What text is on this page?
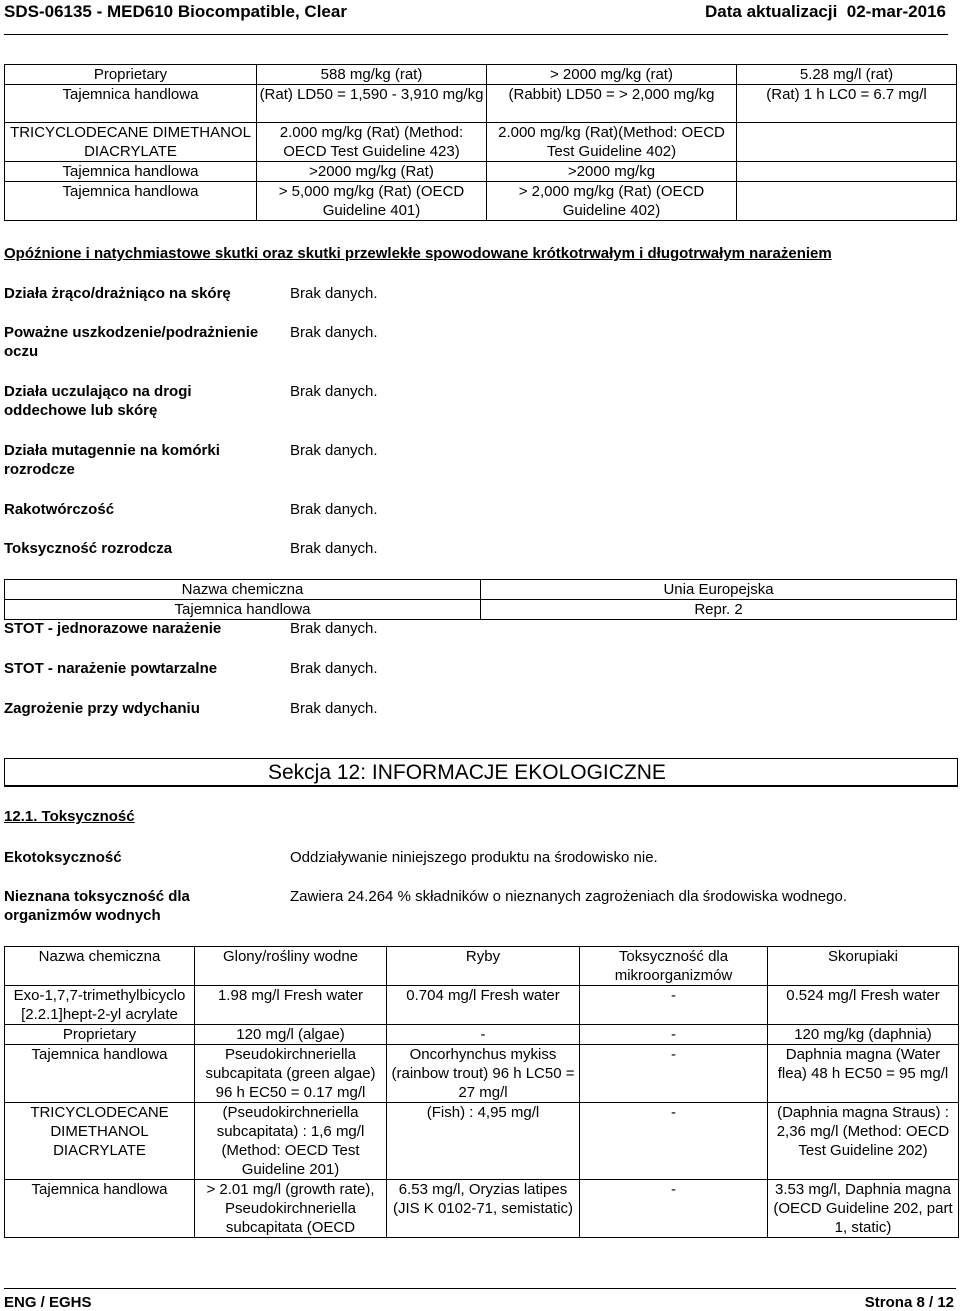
SDS-06135 - MED610 Biocompatible, Clear	Data aktualizacji 02-mar-2016
Proprietary	588 mg/kg (rat)	> 2000 mg/kg (rat)	5.28 mg/l (rat)
Tajemnica handlowa	(Rat) LD50 = 1,590 - 3,910 mg/kg	(Rabbit) LD50 = > 2,000 mg/kg	(Rat) 1 h LC0 = 6.7 mg/l
TRICYCLODECANE DIMETHANOL DIACRYLATE	2.000 mg/kg (Rat) (Method: OECD Test Guideline 423)	2.000 mg/kg (Rat)(Method: OECD Test Guideline 402)	
Tajemnica handlowa	>2000 mg/kg (Rat)	>2000 mg/kg	
Tajemnica handlowa	> 5,000 mg/kg (Rat) (OECD Guideline 401)	> 2,000 mg/kg (Rat) (OECD Guideline 402)	
Opóźnione i natychmiastowe skutki oraz skutki przewlekłe spowodowane krótkotrwałym i długotrwałym narażeniem
Działa żrąco/drażniąco na skórę	Brak danych.
Poważne uszkodzenie/podrażnienie oczu
Brak danych.
Działa uczulająco na drogi oddechowe lub skórę
Brak danych.
Działa mutagennie na komórki rozrodcze
Brak danych.
Rakotwórczość	Brak danych.
Toksyczność rozrodcza	Brak danych.
Nazwa chemiczna	Unia Europejska
Tajemnica handlowa	Repr. 2
STOT - jednorazowe narażenie	Brak danych.
STOT - narażenie powtarzalne	Brak danych.
Zagrożenie przy wdychaniu	Brak danych.
Sekcja 12: INFORMACJE EKOLOGICZNE
12.1. Toksyczność
Ekotoksyczność	Oddziaływanie niniejszego produktu na środowisko nie.
Nieznana toksyczność dla organizmów wodnych
Zawiera 24.264 % składników o nieznanych zagrożeniach dla środowiska wodnego.
Nazwa chemiczna	Glony/rośliny wodne	Ryby	Toksyczność dla mikroorganizmów	Skorupiaki
Exo-1,7,7-trimethylbicyclo[2.2.1]hept-2-yl acrylate	1.98 mg/l Fresh water	0.704 mg/l Fresh water	-	0.524 mg/l Fresh water
Proprietary	120 mg/l (algae)	-	-	120 mg/kg (daphnia)
Tajemnica handlowa	Pseudokirchneriella subcapitata (green algae) 96 h EC50 = 0.17 mg/l	Oncorhynchus mykiss (rainbow trout) 96 h LC50 = 27 mg/l	-	Daphnia magna (Water flea) 48 h EC50 = 95 mg/l
TRICYCLODECANE DIMETHANOL DIACRYLATE	(Pseudokirchneriella subcapitata) : 1,6 mg/l (Method: OECD Test Guideline 201)	(Fish) : 4,95 mg/l	-	(Daphnia magna Straus) : 2,36 mg/l (Method: OECD Test Guideline 202)
Tajemnica handlowa	> 2.01 mg/l (growth rate), Pseudokirchneriella subcapitata (OECD	6.53 mg/l, Oryzias latipes (JIS K 0102-71, semistatic)	-	3.53 mg/l, Daphnia magna (OECD Guideline 202, part 1, static)
ENG / EGHS	Strona 8 / 12
